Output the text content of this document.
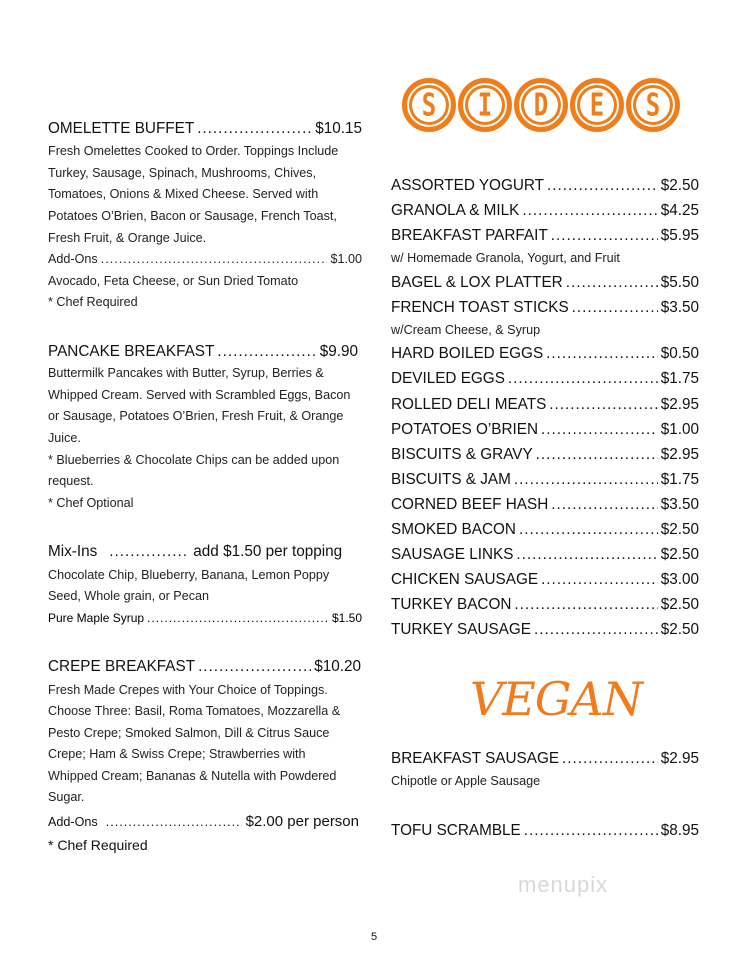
OMELETTE BUFFET .....	$10.15
Fresh Omelettes Cooked to Order. Toppings Include
Turkey, Sausage, Spinach, Mushrooms, Chives,
Tomatoes, Onions & Mixed Cheese. Served with
Potatoes O’Brien, Bacon or Sausage, French Toast,
Fresh Fruit, & Orange Juice.
Add-Ons .....	$1.00
Avocado, Feta Cheese, or Sun Dried Tomato
* Chef Required
PANCAKE BREAKFAST .....	$9.90
Buttermilk Pancakes with Butter, Syrup, Berries &
Whipped Cream. Served with Scrambled Eggs, Bacon
or Sausage, Potatoes O’Brien, Fresh Fruit, & Orange
Juice.
* Blueberries & Chocolate Chips can be added upon
request.
* Chef Optional
Mix-Ins .....	add $1.50 per topping
Chocolate Chip, Blueberry, Banana, Lemon Poppy
Seed, Whole grain, or Pecan
Pure Maple Syrup .....	$1.50
CREPE BREAKFAST .....	$10.20
Fresh Made Crepes with Your Choice of Toppings.
Choose Three: Basil, Roma Tomatoes, Mozzarella &
Pesto Crepe; Smoked Salmon, Dill & Citrus Sauce
Crepe; Ham & Swiss Crepe; Strawberries with
Whipped Cream; Bananas & Nutella with Powdered
Sugar.
Add-Ons .....	$2.00 per person
* Chef Required
S I D E S
ASSORTED YOGURT .....	$2.50
GRANOLA & MILK .....	$4.25
BREAKFAST PARFAIT .....	$5.95
w/ Homemade Granola, Yogurt, and Fruit
BAGEL & LOX PLATTER .....	$5.50
FRENCH TOAST STICKS .....	$3.50
w/Cream Cheese, & Syrup
HARD BOILED EGGS .....	$0.50
DEVILED EGGS .....	$1.75
ROLLED DELI MEATS .....	$2.95
POTATOES O’BRIEN .....	$1.00
BISCUITS & GRAVY .....	$2.95
BISCUITS & JAM .....	$1.75
CORNED BEEF HASH .....	$3.50
SMOKED BACON .....	$2.50
SAUSAGE LINKS .....	$2.50
CHICKEN SAUSAGE .....	$3.00
TURKEY BACON .....	$2.50
TURKEY SAUSAGE .....	$2.50
VEGAN
BREAKFAST SAUSAGE .....	$2.95
Chipotle or Apple Sausage
TOFU SCRAMBLE .....	$8.95
menupix
5
